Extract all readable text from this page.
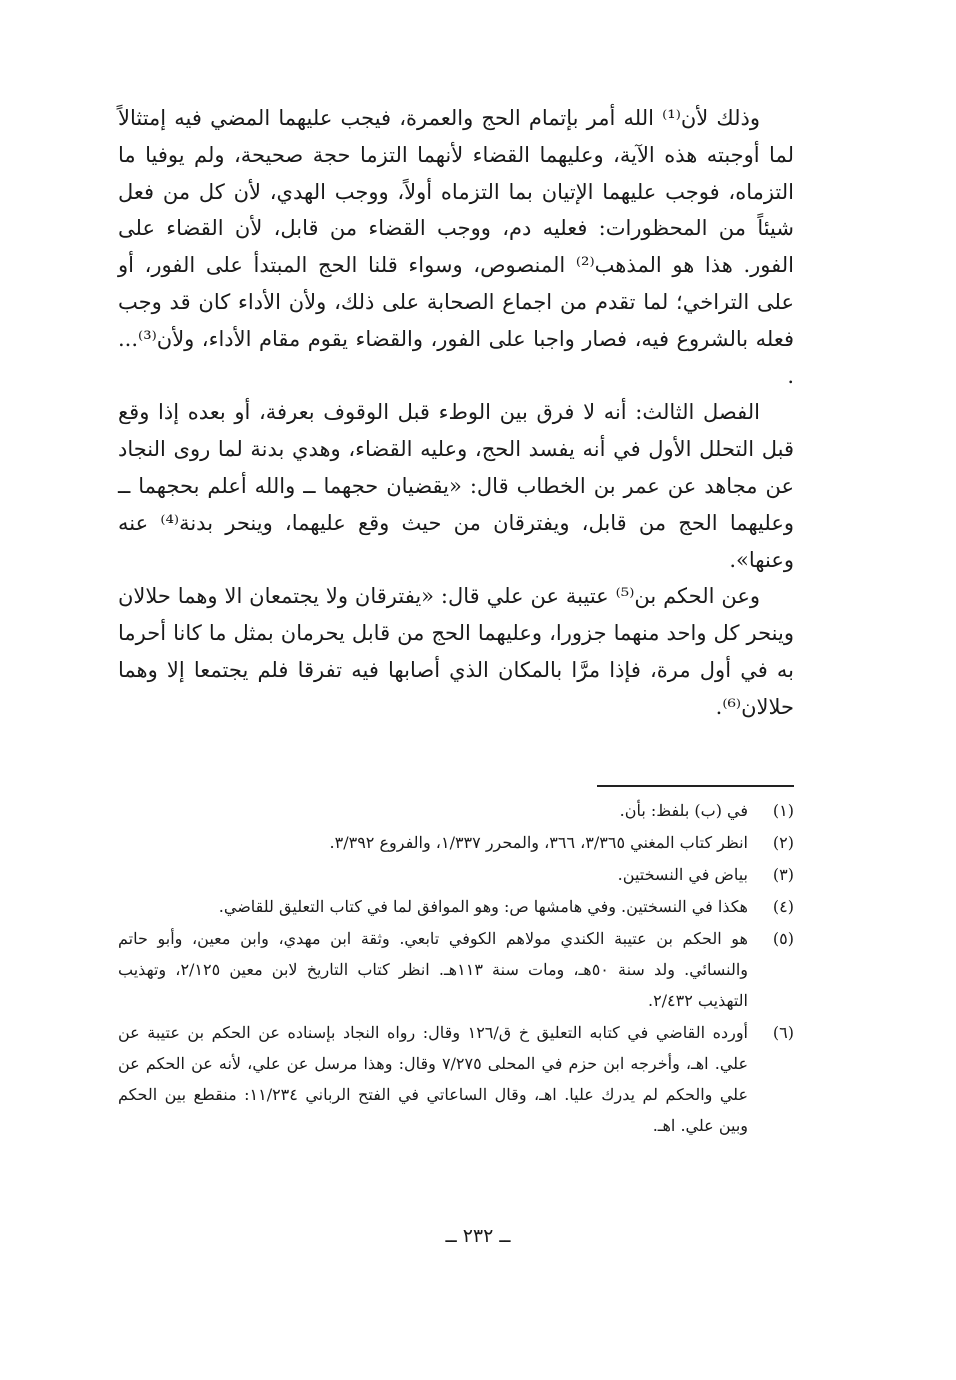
وذلك لأن⁽¹⁾ الله أمر بإتمام الحج والعمرة، فيجب عليهما المضي فيه إمتثالاً لما أوجبته هذه الآية، وعليهما القضاء لأنهما التزما حجة صحيحة، ولم يوفيا ما التزماه، فوجب عليهما الإتيان بما التزماه أولاً، ووجب الهدي، لأن كل من فعل شيئاً من المحظورات: فعليه دم، ووجب القضاء من قابل، لأن القضاء على الفور. هذا هو المذهب⁽²⁾ المنصوص، وسواء قلنا الحج المبتدأ على الفور، أو على التراخي؛ لما تقدم من اجماع الصحابة على ذلك، ولأن الأداء كان قد وجب فعله بالشروع فيه، فصار واجبا على الفور، والقضاء يقوم مقام الأداء، ولأن⁽³⁾... .

الفصل الثالث: أنه لا فرق بين الوطء قبل الوقوف بعرفة، أو بعده إذا وقع قبل التحلل الأول في أنه يفسد الحج، وعليه القضاء، وهدي بدنة لما روى النجاد عن مجاهد عن عمر بن الخطاب قال: «يقضيان حجهما ــ والله أعلم بحجهما ــ وعليهما الحج من قابل، ويفترقان من حيث وقع عليهما، وينحر بدنة⁽⁴⁾ عنه وعنها».

وعن الحكم بن⁽⁵⁾ عتيبة عن علي قال: «يفترقان ولا يجتمعان الا وهما حلالان وينحر كل واحد منهما جزورا، وعليهما الحج من قابل يحرمان بمثل ما كانا أحرما به في أول مرة، فإذا مرَّا بالمكان الذي أصابها فيه تفرقا فلم يجتمعا إلا وهما حلالان⁽⁶⁾.

(١)
في (ب) بلفظ: بأن.
(٢)
انظر كتاب المغني ٣/٣٦٥، ٣٦٦، والمحرر ١/٣٣٧، والفروع ٣/٣٩٢.
(٣)
بياض في النسختين.
(٤)
هكذا في النسختين. وفي هامشها ص: وهو الموافق لما في كتاب التعليق للقاضي.
(٥)
هو الحكم بن عتيبة الكندي مولاهم الكوفي تابعي. وثقة ابن مهدي، وابن معين، وأبو حاتم والنسائي. ولد سنة ٥٠هـ، ومات سنة ١١٣هـ. انظر كتاب التاريخ لابن معين ٢/١٢٥، وتهذيب التهذيب ٢/٤٣٢.
(٦)
أورده القاضي في كتابه التعليق خ ق/١٢٦ وقال: رواه النجاد بإسناده عن الحكم بن عتيبة عن علي. اهـ، وأخرجه ابن حزم في المحلى ٧/٢٧٥ وقال: وهذا مرسل عن علي، لأنه عن الحكم عن علي والحكم لم يدرك عليا. اهـ، وقال الساعاتي في الفتح الرباني ١١/٢٣٤: منقطع بين الحكم وبين علي. اهـ.
ــ ٢٣٢ ــ
